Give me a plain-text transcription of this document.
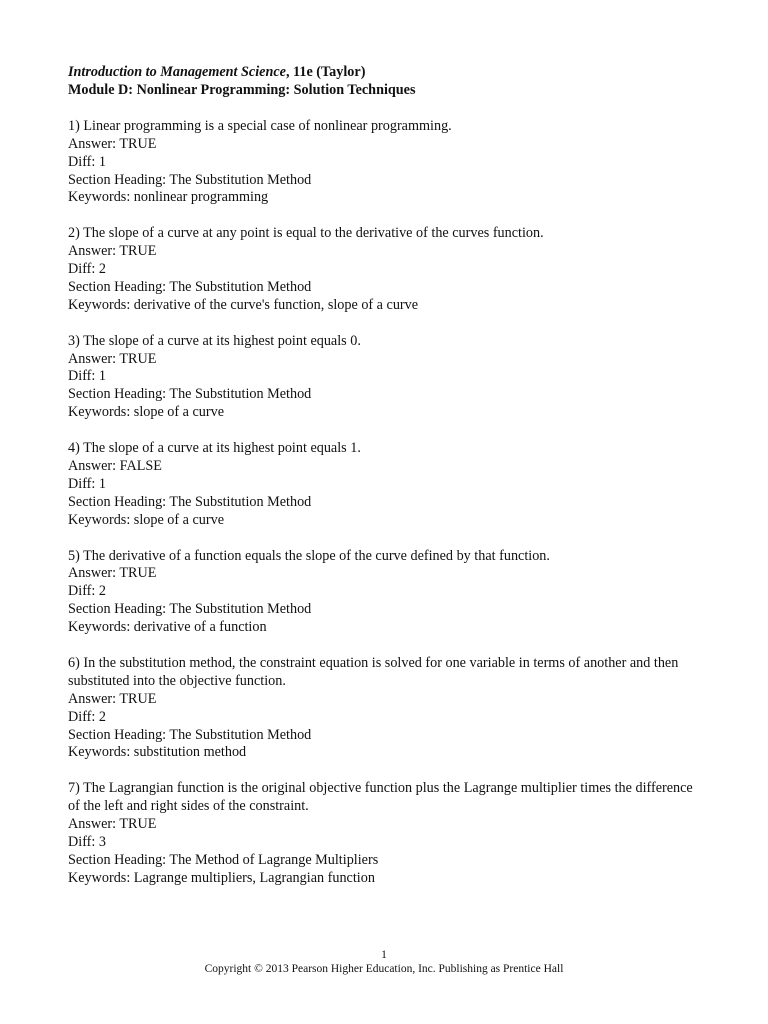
Introduction to Management Science, 11e (Taylor)

Module D: Nonlinear Programming: Solution Techniques

1) Linear programming is a special case of nonlinear programming.

Answer: TRUE

Diff: 1

Section Heading: The Substitution Method

Keywords: nonlinear programming

2) The slope of a curve at any point is equal to the derivative of the curves function.

Answer: TRUE

Diff: 2

Section Heading: The Substitution Method

Keywords: derivative of the curve's function, slope of a curve

3) The slope of a curve at its highest point equals 0.

Answer: TRUE

Diff: 1

Section Heading: The Substitution Method

Keywords: slope of a curve

4) The slope of a curve at its highest point equals 1.

Answer: FALSE

Diff: 1

Section Heading: The Substitution Method

Keywords: slope of a curve

5) The derivative of a function equals the slope of the curve defined by that function.

Answer: TRUE

Diff: 2

Section Heading: The Substitution Method

Keywords: derivative of a function

6) In the substitution method, the constraint equation is solved for one variable in terms of another and then substituted into the objective function.

Answer: TRUE

Diff: 2

Section Heading: The Substitution Method

Keywords: substitution method

7) The Lagrangian function is the original objective function plus the Lagrange multiplier times the difference of the left and right sides of the constraint.

Answer: TRUE

Diff: 3

Section Heading: The Method of Lagrange Multipliers

Keywords: Lagrange multipliers, Lagrangian function

1

Copyright © 2013 Pearson Higher Education, Inc. Publishing as Prentice Hall
